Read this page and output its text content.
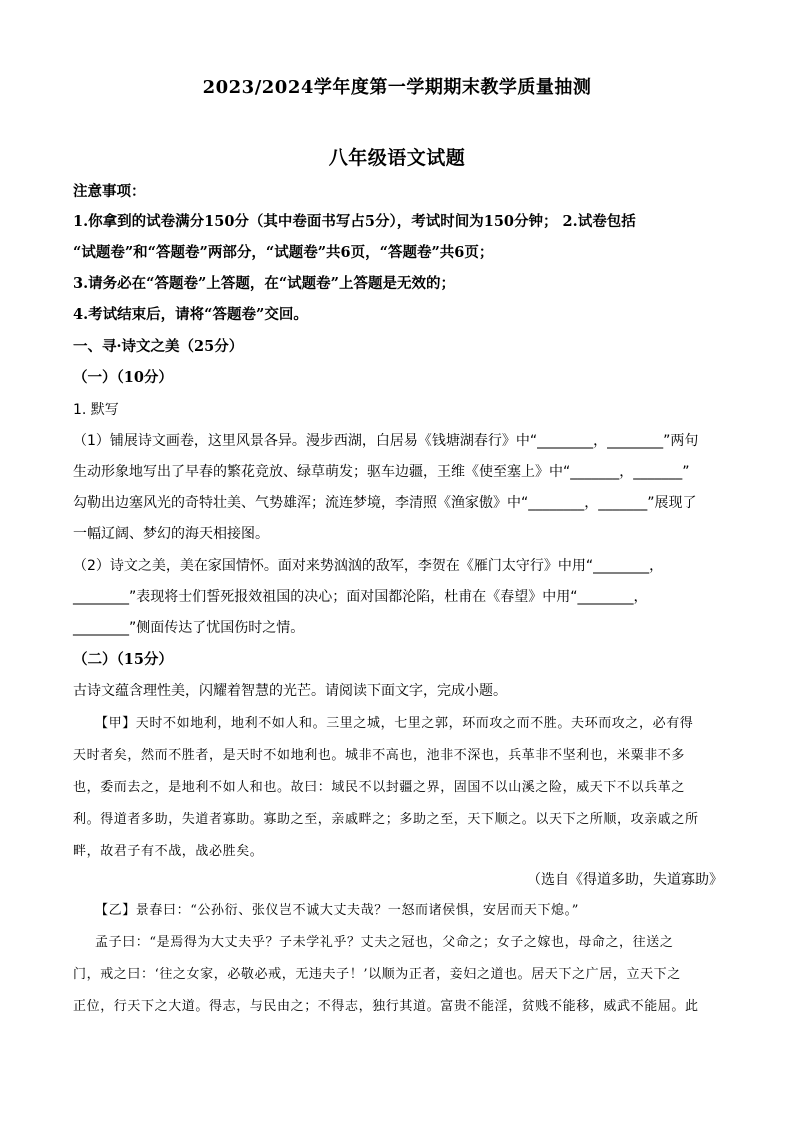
2023/2024学年度第一学期期末教学质量抽测
八年级语文试题
注意事项：
1.你拿到的试卷满分150分（其中卷面书写占5分），考试时间为150分钟； 2.试卷包括
“试题卷”和“答题卷”两部分，“试题卷”共6页，“答题卷”共6页；
3.请务必在“答题卷”上答题，在“试题卷”上答题是无效的；
4.考试结束后，请将“答题卷”交回。
一、寻·诗文之美（25分）
（一）（10分）
1. 默写
（1）铺展诗文画卷，这里风景各异。漫步西湖，白居易《钱塘湖春行》中“________，________”两句
生动形象地写出了早春的繁花竞放、绿草萌发；驱车边疆，王维《使至塞上》中“_______，_______”
勾勒出边塞风光的奇特壮美、气势雄浑；流连梦境，李清照《渔家傲》中“________，_______”展现了
一幅辽阔、梦幻的海天相接图。
（2）诗文之美，美在家国情怀。面对来势汹汹的敌军，李贺在《雁门太守行》中用“________，
________”表现将士们誓死报效祖国的决心；面对国都沦陷，杜甫在《春望》中用“________，
________”侧面传达了忧国伤时之情。
（二）（15分）
古诗文蕴含理性美，闪耀着智慧的光芒。请阅读下面文字，完成小题。
【甲】天时不如地利，地利不如人和。三里之城，七里之郭，环而攻之而不胜。夫环而攻之，必有得
天时者矣，然而不胜者，是天时不如地利也。城非不高也，池非不深也，兵革非不坚利也，米粟非不多
也，委而去之，是地利不如人和也。故曰：域民不以封疆之界，固国不以山溪之险，威天下不以兵革之
利。得道者多助，失道者寡助。寡助之至，亲戚畔之；多助之至，天下顺之。以天下之所顺，攻亲戚之所
畔，故君子有不战，战必胜矣。
（选自《得道多助，失道寡助》
【乙】景春曰：“公孙衍、张仪岂不诚大丈夫哉？一怒而诸侯惧，安居而天下熄。”
孟子曰：“是焉得为大丈夫乎？子未学礼乎？丈夫之冠也，父命之；女子之嫁也，母命之，往送之
门，戒之曰：‘往之女家，必敬必戒，无违夫子！’以顺为正者，妾妇之道也。居天下之广居，立天下之
正位，行天下之大道。得志，与民由之；不得志，独行其道。富贵不能淫，贫贱不能移，威武不能屈。此
